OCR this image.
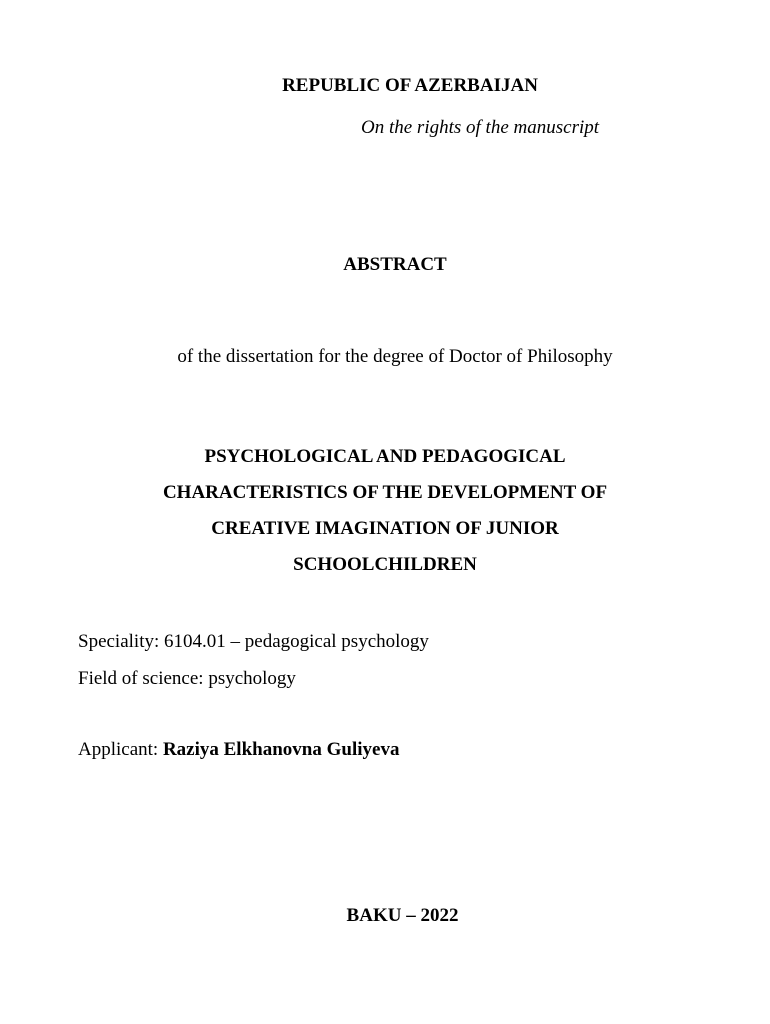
REPUBLIC OF AZERBAIJAN
On the rights of the manuscript
ABSTRACT
of the dissertation for the degree of Doctor of Philosophy
PSYCHOLOGICAL AND PEDAGOGICAL
CHARACTERISTICS OF THE DEVELOPMENT OF
CREATIVE IMAGINATION OF JUNIOR
SCHOOLCHILDREN
Speciality: 6104.01 – pedagogical psychology
Field of science: psychology
Applicant: Raziya Elkhanovna Guliyeva
BAKU – 2022
